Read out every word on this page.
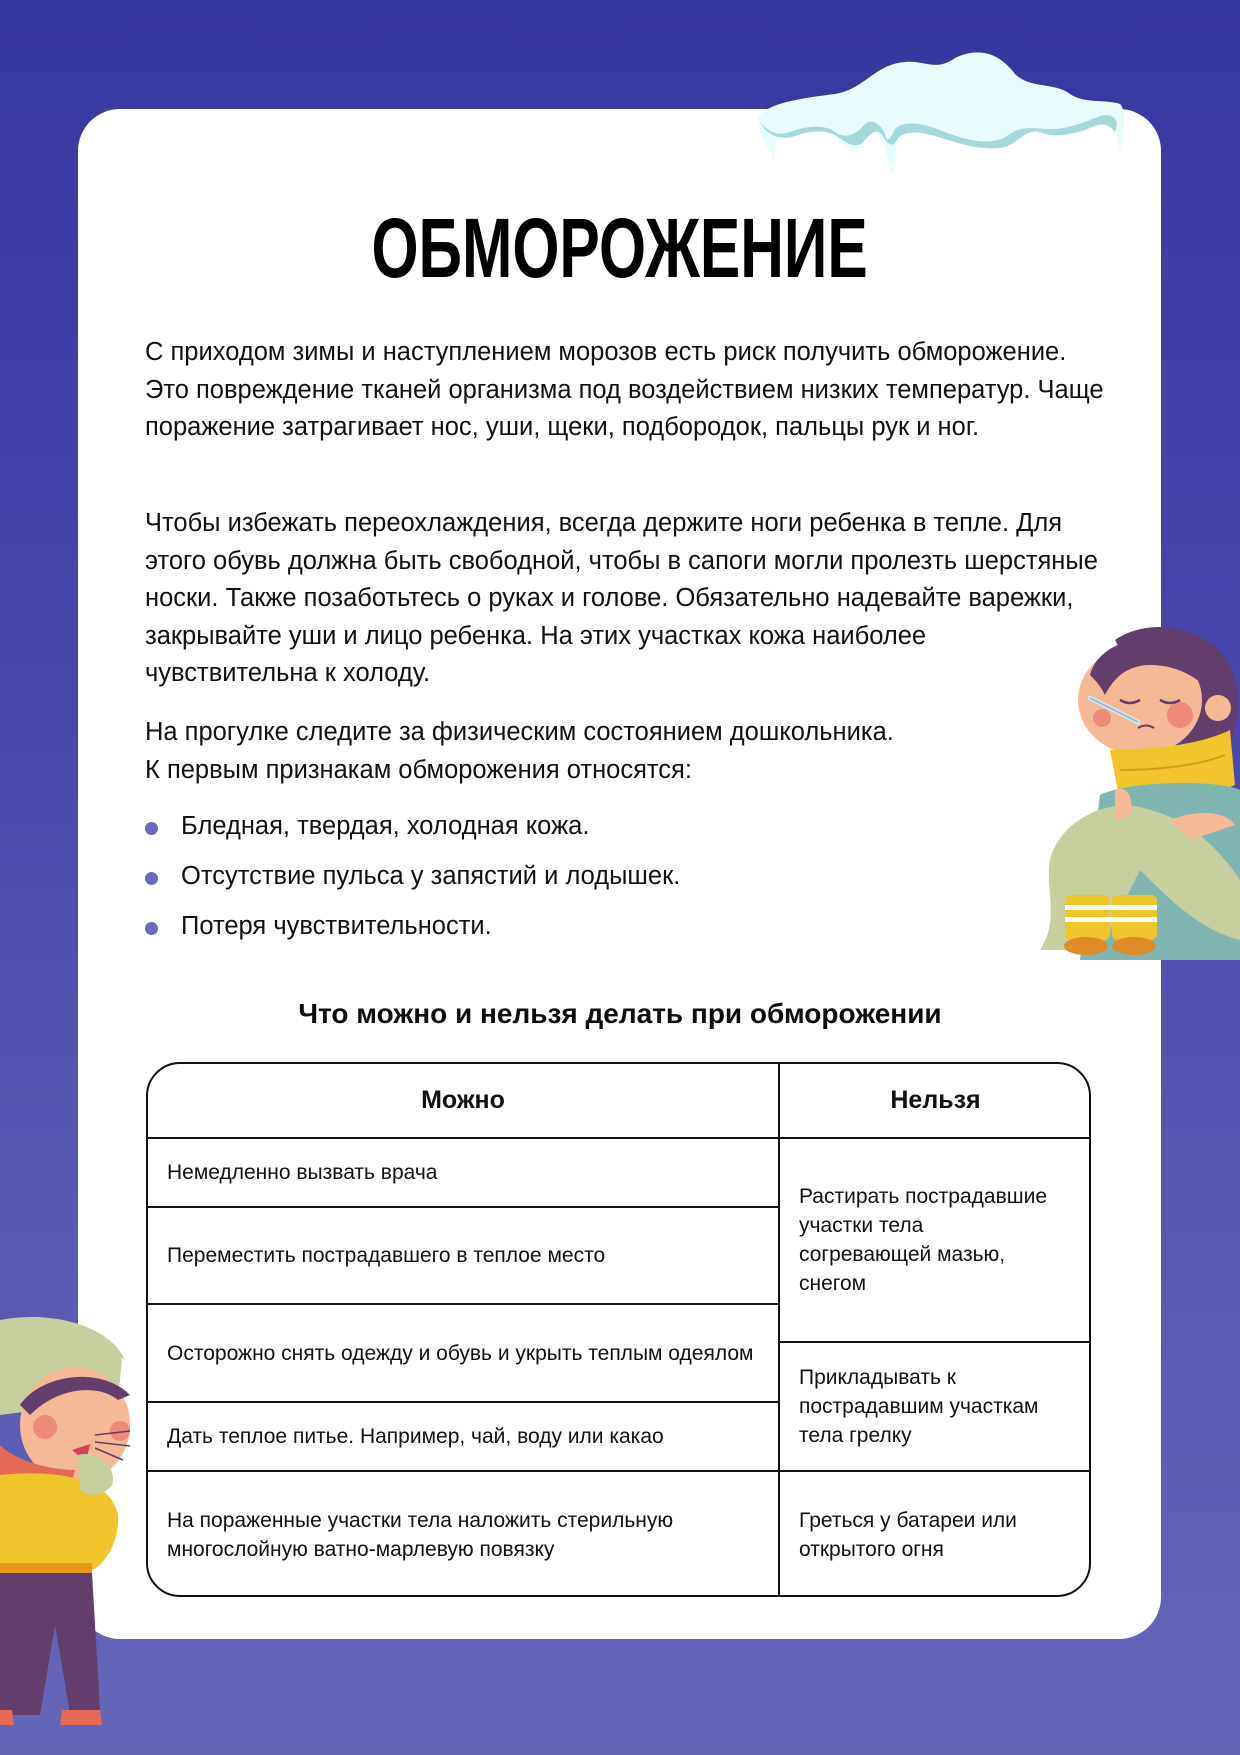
ОБМОРОЖЕНИЕ

С приходом зимы и наступлением морозов есть риск получить обморожение. Это повреждение тканей организма под воздействием низких температур. Чаще поражение затрагивает нос, уши, щеки, подбородок, пальцы рук и ног.

Чтобы избежать переохлаждения, всегда держите ноги ребенка в тепле. Для этого обувь должна быть свободной, чтобы в сапоги могли пролезть шерстяные носки. Также позаботьтесь о руках и голове. Обязательно надевайте варежки, закрывайте уши и лицо ребенка. На этих участках кожа наиболее чувствительна к холоду.

На прогулке следите за физическим состоянием дошкольника.
К первым признакам обморожения относятся:

Бледная, твердая, холодная кожа.
Отсутствие пульса у запястий и лодышек.
Потеря чувствительности.
Что можно и нельзя делать при обморожении
Можно	Нельзя
Немедленно вызвать врача
Переместить пострадавшего в теплое место
Осторожно снять одежду и обувь и укрыть теплым одеялом
Дать теплое питье. Например, чай, воду или какао
На пораженные участки тела наложить стерильную многослойную ватно-марлевую повязку
Растирать пострадавшие участки тела согревающей мазью, снегом
Прикладывать к пострадавшим участкам тела грелку
Греться у батареи или открытого огня
